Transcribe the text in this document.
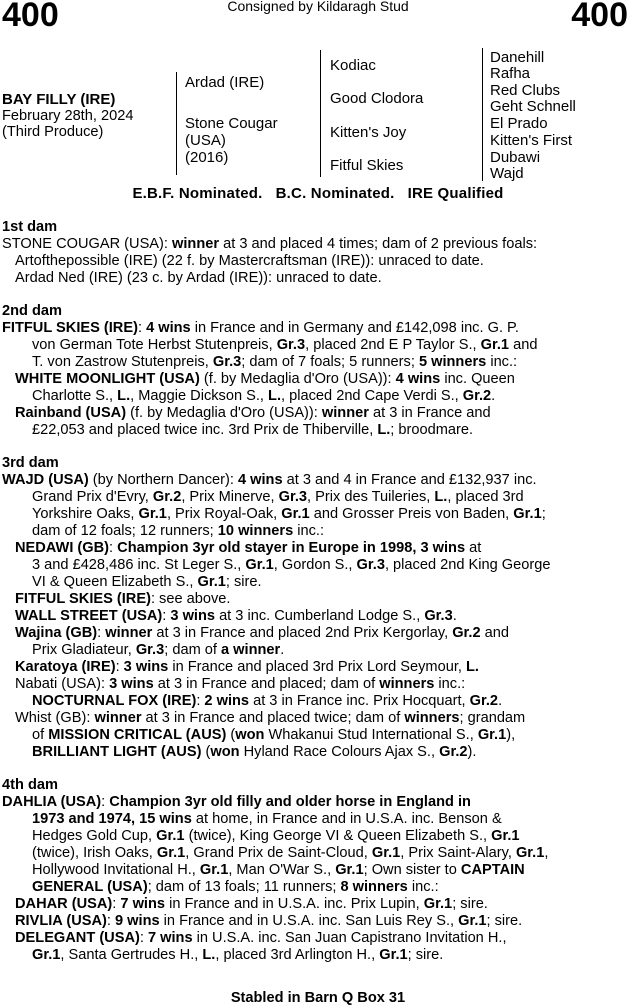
400	Consigned by Kildaragh Stud	400
BAY FILLY (IRE)
February 28th, 2024
(Third Produce)
Ardad (IRE)
Stone Cougar
(USA)
(2016)
Kodiac
Good Clodora
Kitten's Joy
Fitful Skies
Danehill
Rafha
Red Clubs
Geht Schnell
El Prado
Kitten's First
Dubawi
Wajd
E.B.F. Nominated.   B.C. Nominated.   IRE Qualified
1st dam
STONE COUGAR (USA): winner at 3 and placed 4 times; dam of 2 previous foals:
Artofthepossible (IRE) (22 f. by Mastercraftsman (IRE)): unraced to date.
Ardad Ned (IRE) (23 c. by Ardad (IRE)): unraced to date.
2nd dam
FITFUL SKIES (IRE): 4 wins in France and in Germany and £142,098 inc. G. P.
von German Tote Herbst Stutenpreis, Gr.3, placed 2nd E P Taylor S., Gr.1 and
T. von Zastrow Stutenpreis, Gr.3; dam of 7 foals; 5 runners; 5 winners inc.:
WHITE MOONLIGHT (USA) (f. by Medaglia d'Oro (USA)): 4 wins inc. Queen
Charlotte S., L., Maggie Dickson S., L., placed 2nd Cape Verdi S., Gr.2.
Rainband (USA) (f. by Medaglia d'Oro (USA)): winner at 3 in France and
£22,053 and placed twice inc. 3rd Prix de Thiberville, L.; broodmare.
3rd dam
WAJD (USA) (by Northern Dancer): 4 wins at 3 and 4 in France and £132,937 inc.
Grand Prix d'Evry, Gr.2, Prix Minerve, Gr.3, Prix des Tuileries, L., placed 3rd
Yorkshire Oaks, Gr.1, Prix Royal-Oak, Gr.1 and Grosser Preis von Baden, Gr.1;
dam of 12 foals; 12 runners; 10 winners inc.:
NEDAWI (GB): Champion 3yr old stayer in Europe in 1998, 3 wins at
3 and £428,486 inc. St Leger S., Gr.1, Gordon S., Gr.3, placed 2nd King George
VI & Queen Elizabeth S., Gr.1; sire.
FITFUL SKIES (IRE): see above.
WALL STREET (USA): 3 wins at 3 inc. Cumberland Lodge S., Gr.3.
Wajina (GB): winner at 3 in France and placed 2nd Prix Kergorlay, Gr.2 and
Prix Gladiateur, Gr.3; dam of a winner.
Karatoya (IRE): 3 wins in France and placed 3rd Prix Lord Seymour, L.
Nabati (USA): 3 wins at 3 in France and placed; dam of winners inc.:
NOCTURNAL FOX (IRE): 2 wins at 3 in France inc. Prix Hocquart, Gr.2.
Whist (GB): winner at 3 in France and placed twice; dam of winners; grandam
of MISSION CRITICAL (AUS) (won Whakanui Stud International S., Gr.1),
BRILLIANT LIGHT (AUS) (won Hyland Race Colours Ajax S., Gr.2).
4th dam
DAHLIA (USA): Champion 3yr old filly and older horse in England in
1973 and 1974, 15 wins at home, in France and in U.S.A. inc. Benson &
Hedges Gold Cup, Gr.1 (twice), King George VI & Queen Elizabeth S., Gr.1
(twice), Irish Oaks, Gr.1, Grand Prix de Saint-Cloud, Gr.1, Prix Saint-Alary, Gr.1,
Hollywood Invitational H., Gr.1, Man O'War S., Gr.1; Own sister to CAPTAIN
GENERAL (USA); dam of 13 foals; 11 runners; 8 winners inc.:
DAHAR (USA): 7 wins in France and in U.S.A. inc. Prix Lupin, Gr.1; sire.
RIVLIA (USA): 9 wins in France and in U.S.A. inc. San Luis Rey S., Gr.1; sire.
DELEGANT (USA): 7 wins in U.S.A. inc. San Juan Capistrano Invitation H.,
Gr.1, Santa Gertrudes H., L., placed 3rd Arlington H., Gr.1; sire.
Stabled in Barn Q Box 31
